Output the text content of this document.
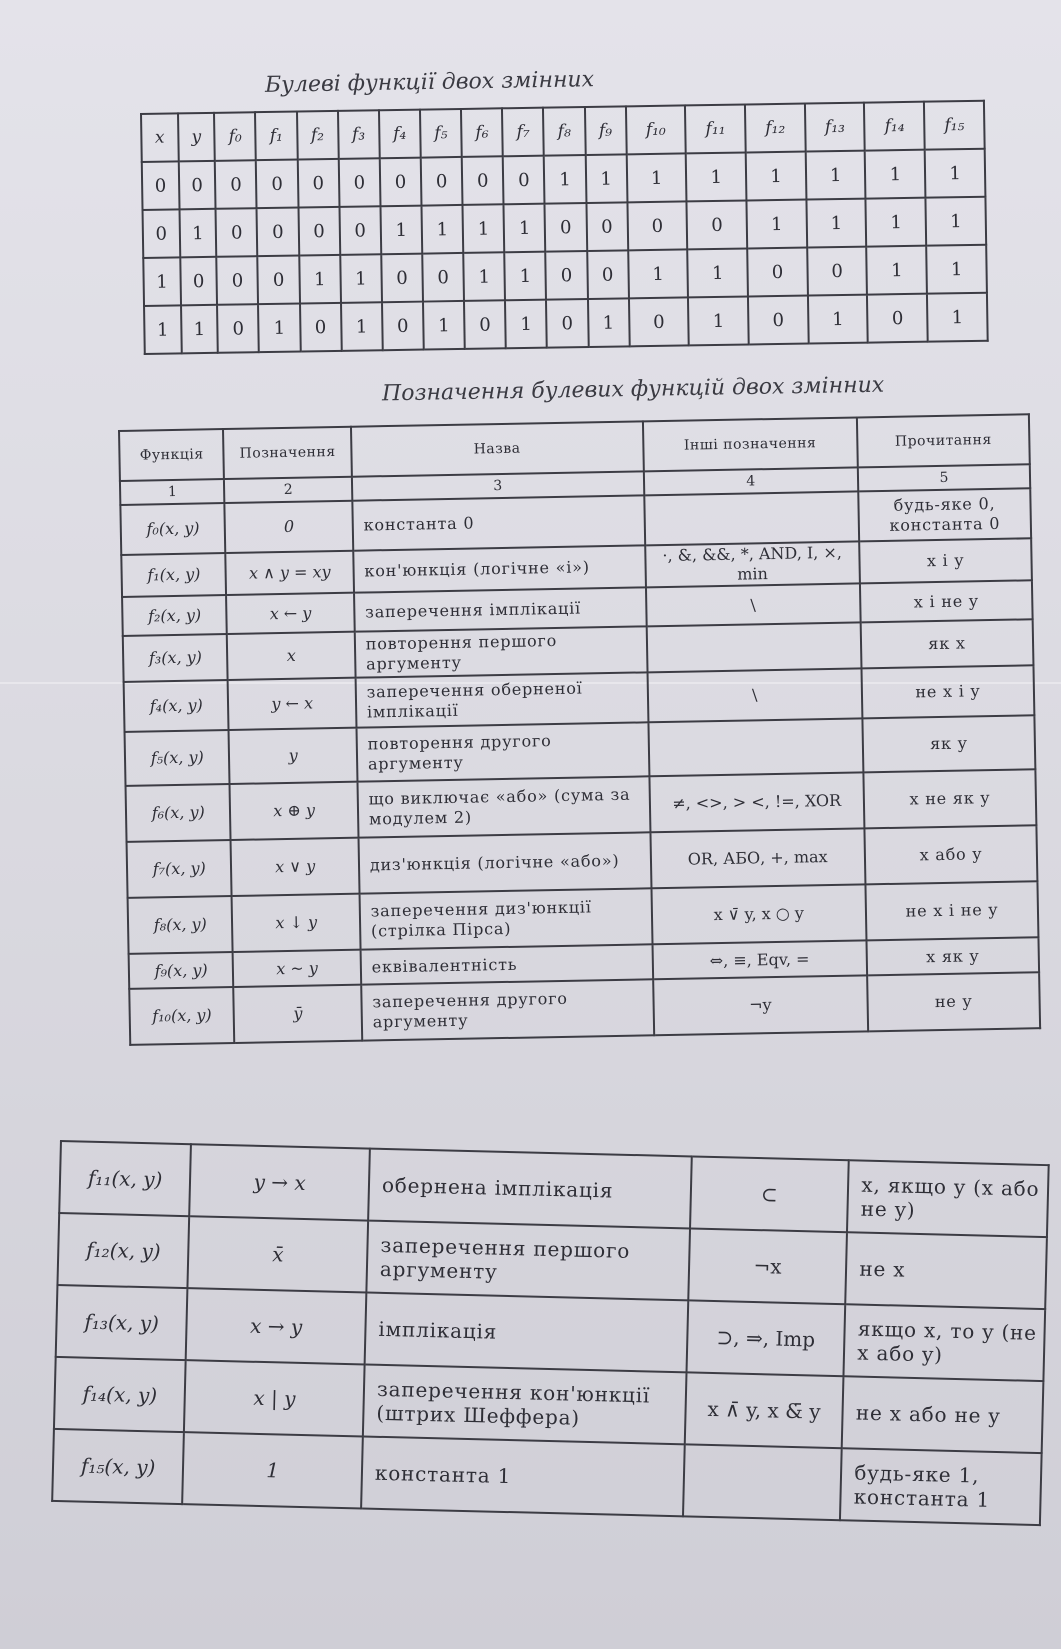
Булеві функції двох змінних
x	y	f₀	f₁	f₂	f₃	f₄	f₅	f₆	f₇	f₈	f₉	f₁₀	f₁₁	f₁₂	f₁₃	f₁₄	f₁₅
0	0	0	0	0	0	0	0	0	0	1	1	1	1	1	1	1	1
0	1	0	0	0	0	1	1	1	1	0	0	0	0	1	1	1	1
1	0	0	0	1	1	0	0	1	1	0	0	1	1	0	0	1	1
1	1	0	1	0	1	0	1	0	1	0	1	0	1	0	1	0	1
Позначення булевих функцій двох змінних
Функція	Позначення	Назва	Інші позначення	Прочитання
1	2	3	4	5
f₀(x, y)	0	константа 0		будь-яке 0, константа 0
f₁(x, y)	x ∧ y = xy	кон'юнкція (логічне «і»)	·, &, &&, *, AND, I, ×, min	x і y
f₂(x, y)	x ← y	заперечення імплікації	\	x і не y
f₃(x, y)	x	повторення першого аргументу		як x
f₄(x, y)	y ← x	заперечення оберненої імплікації	\	не x і y
f₅(x, y)	y	повторення другого аргументу		як y
f₆(x, y)	x ⊕ y	що виключає «або» (сума за модулем 2)	≠, <>, > <, !=, XOR	x не як y
f₇(x, y)	x ∨ y	диз'юнкція (логічне «або»)	OR, АБО, +, max	x або y
f₈(x, y)	x ↓ y	заперечення диз'юнкції (стрілка Пірса)	x ∨̄ y, x ○ y	не x і не y
f₉(x, y)	x ∼ y	еквівалентність	⇔, ≡, Eqv, =	x як y
f₁₀(x, y)	ȳ	заперечення другого аргументу	¬y	не y
f₁₁(x, y)	y → x	обернена імплікація	⊂	x, якщо y (x або не y)
f₁₂(x, y)	x̄	заперечення першого аргументу	¬x	не x
f₁₃(x, y)	x → y	імплікація	⊃, ⇒, Imp	якщо x, то y (не x або y)
f₁₄(x, y)	x | y	заперечення кон'юнкції (штрих Шеффера)	x ∧̄ y, x &̄ y	не x або не y
f₁₅(x, y)	1	константа 1		будь-яке 1, константа 1
